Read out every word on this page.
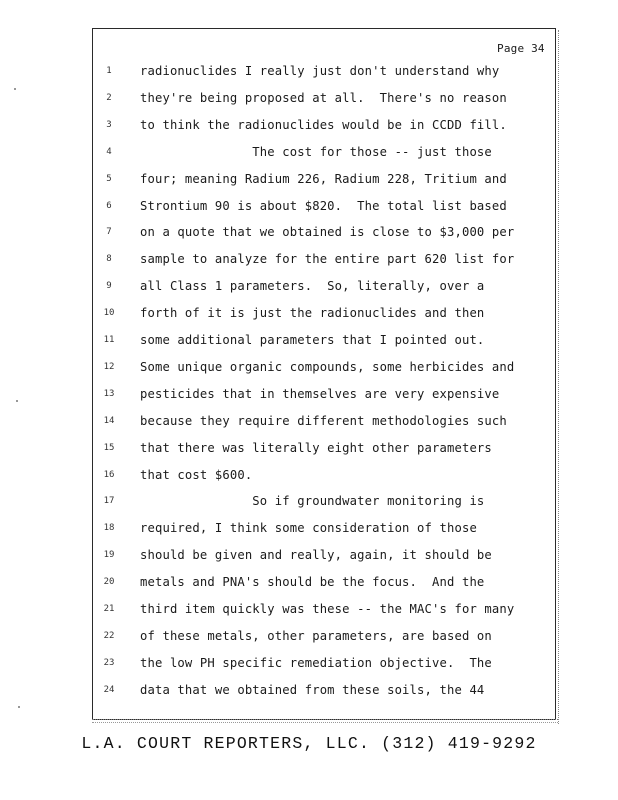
Page 34
1	radionuclides I really just don't understand why
2	they're being proposed at all.  There's no reason
3	to think the radionuclides would be in CCDD fill.
4	The cost for those -- just those
5	four; meaning Radium 226, Radium 228, Tritium and
6	Strontium 90 is about $820.  The total list based
7	on a quote that we obtained is close to $3,000 per
8	sample to analyze for the entire part 620 list for
9	all Class 1 parameters.  So, literally, over a
10	forth of it is just the radionuclides and then
11	some additional parameters that I pointed out.
12	Some unique organic compounds, some herbicides and
13	pesticides that in themselves are very expensive
14	because they require different methodologies such
15	that there was literally eight other parameters
16	that cost $600.
17	So if groundwater monitoring is
18	required, I think some consideration of those
19	should be given and really, again, it should be
20	metals and PNA's should be the focus.  And the
21	third item quickly was these -- the MAC's for many
22	of these metals, other parameters, are based on
23	the low PH specific remediation objective.  The
24	data that we obtained from these soils, the 44
L.A. COURT REPORTERS, LLC. (312) 419-9292
